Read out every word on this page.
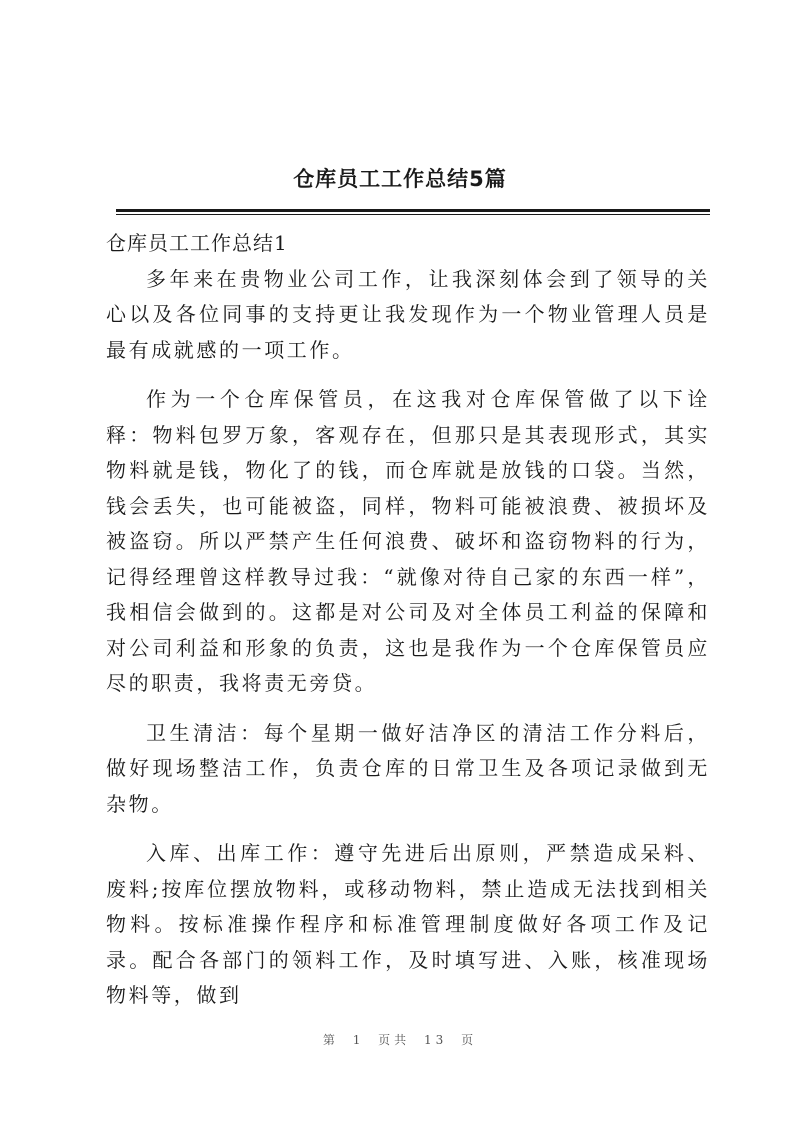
仓库员工工作总结5篇
仓库员工工作总结1

多年来在贵物业公司工作，让我深刻体会到了领导的关心以及各位同事的支持更让我发现作为一个物业管理人员是最有成就感的一项工作。

作为一个仓库保管员，在这我对仓库保管做了以下诠释：物料包罗万象，客观存在，但那只是其表现形式，其实物料就是钱，物化了的钱，而仓库就是放钱的口袋。当然，钱会丢失，也可能被盗，同样，物料可能被浪费、被损坏及被盗窃。所以严禁产生任何浪费、破坏和盗窃物料的行为，记得经理曾这样教导过我：“就像对待自己家的东西一样”，我相信会做到的。这都是对公司及对全体员工利益的保障和对公司利益和形象的负责，这也是我作为一个仓库保管员应尽的职责，我将责无旁贷。

卫生清洁：每个星期一做好洁净区的清洁工作分料后，做好现场整洁工作，负责仓库的日常卫生及各项记录做到无杂物。

入库、出库工作：遵守先进后出原则，严禁造成呆料、废料;按库位摆放物料，或移动物料，禁止造成无法找到相关物料。按标准操作程序和标准管理制度做好各项工作及记录。配合各部门的领料工作，及时填写进、入账，核准现场物料等，做到

第 1 页共 13 页
